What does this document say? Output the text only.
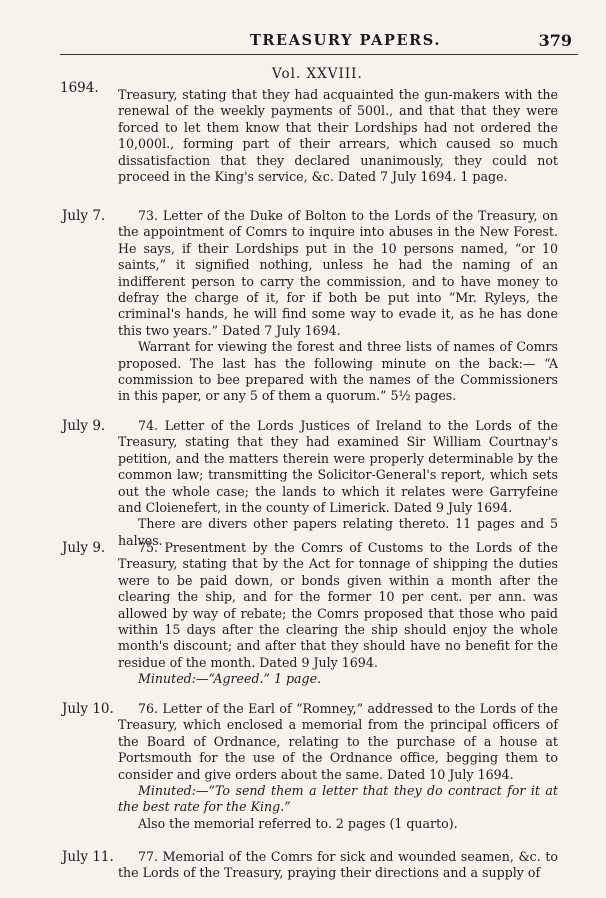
TREASURY PAPERS.	379
1694.
Vol. XXVIII.

Treasury, stating that they had acquainted the gun-makers with the renewal of the weekly payments of 500l., and that that they were forced to let them know that their Lordships had not ordered the 10,000l., forming part of their arrears, which caused so much dissatisfaction that they declared unanimously, they could not proceed in the King's service, &c. Dated 7 July 1694. 1 page.

July 7.	73. Letter of the Duke of Bolton to the Lords of the Treasury, on the appointment of Comrs to inquire into abuses in the New Forest. He says, if their Lordships put in the 10 persons named, “or 10 saints,” it signified nothing, unless he had the naming of an indifferent person to carry the commission, and to have money to defray the charge of it, for if both be put into “Mr. Ryleys, the criminal's hands, he will find some way to evade it, as he has done this two years.” Dated 7 July 1694.

Warrant for viewing the forest and three lists of names of Comrs proposed. The last has the following minute on the back:— “A commission to bee prepared with the names of the Commissioners in this paper, or any 5 of them a quorum.” 5½ pages.

July 9.	74. Letter of the Lords Justices of Ireland to the Lords of the Treasury, stating that they had examined Sir William Courtnay's petition, and the matters therein were properly determinable by the common law; transmitting the Solicitor-General's report, which sets out the whole case; the lands to which it relates were Garryfeine and Cloienefert, in the county of Limerick. Dated 9 July 1694.

There are divers other papers relating thereto. 11 pages and 5 halves.

July 9.	75. Presentment by the Comrs of Customs to the Lords of the Treasury, stating that by the Act for tonnage of shipping the duties were to be paid down, or bonds given within a month after the clearing the ship, and for the former 10 per cent. per ann. was allowed by way of rebate; the Comrs proposed that those who paid within 15 days after the clearing the ship should enjoy the whole month's discount; and after that they should have no benefit for the residue of the month. Dated 9 July 1694.

Minuted:—“Agreed.” 1 page.

July 10.	76. Letter of the Earl of “Romney,” addressed to the Lords of the Treasury, which enclosed a memorial from the principal officers of the Board of Ordnance, relating to the purchase of a house at Portsmouth for the use of the Ordnance office, begging them to consider and give orders about the same. Dated 10 July 1694.

Minuted:—“To send them a letter that they do contract for it at the best rate for the King.”

Also the memorial referred to. 2 pages (1 quarto).

July 11.	77. Memorial of the Comrs for sick and wounded seamen, &c. to the Lords of the Treasury, praying their directions and a supply of
